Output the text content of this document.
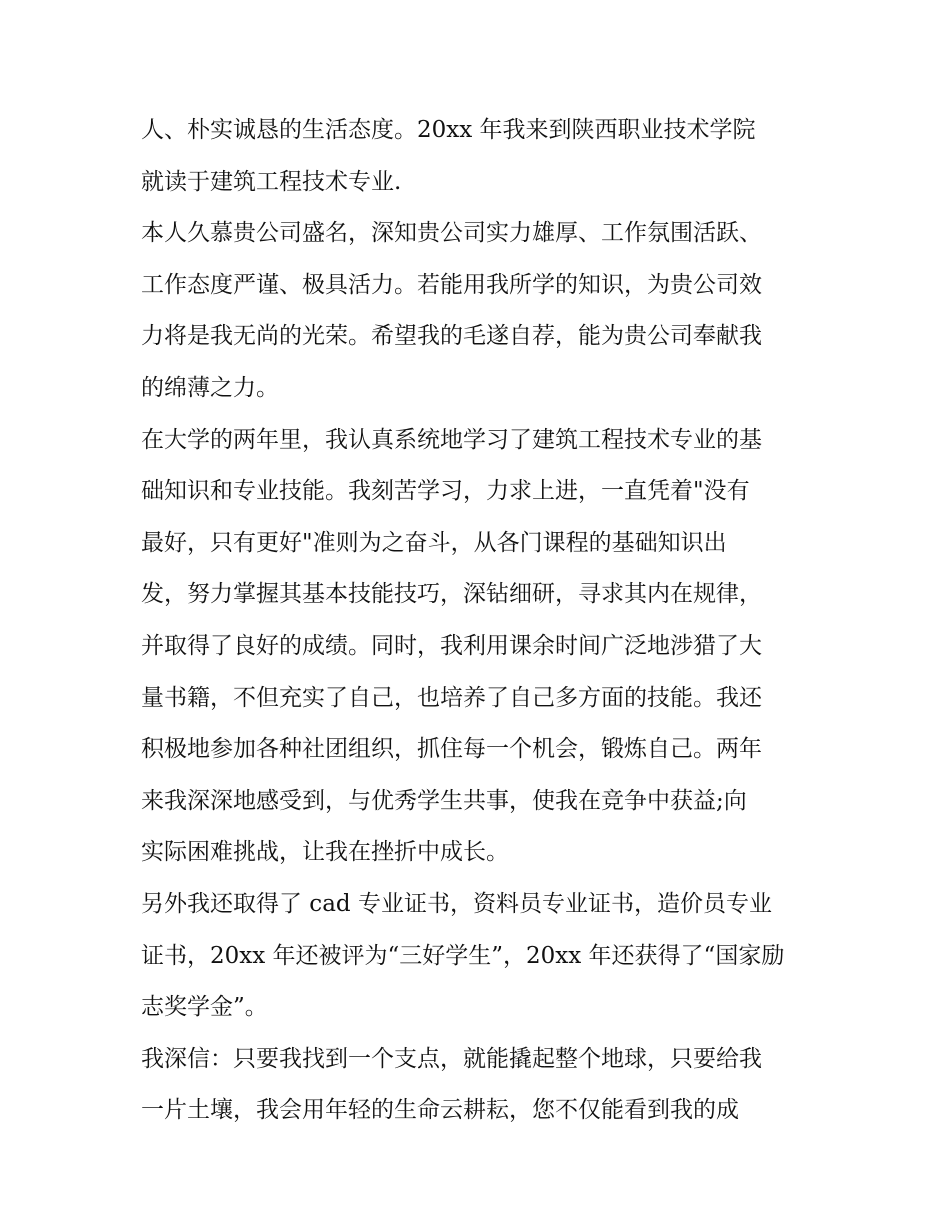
人、朴实诚恳的生活态度。20xx 年我来到陕西职业技术学院
就读于建筑工程技术专业.
本人久慕贵公司盛名，深知贵公司实力雄厚、工作氛围活跃、
工作态度严谨、极具活力。若能用我所学的知识，为贵公司效
力将是我无尚的光荣。希望我的毛遂自荐，能为贵公司奉献我
的绵薄之力。
在大学的两年里，我认真系统地学习了建筑工程技术专业的基
础知识和专业技能。我刻苦学习，力求上进，一直凭着"没有
最好，只有更好"准则为之奋斗，从各门课程的基础知识出
发，努力掌握其基本技能技巧，深钻细研，寻求其内在规律，
并取得了良好的成绩。同时，我利用课余时间广泛地涉猎了大
量书籍，不但充实了自己，也培养了自己多方面的技能。我还
积极地参加各种社团组织，抓住每一个机会，锻炼自己。两年
来我深深地感受到，与优秀学生共事，使我在竞争中获益;向
实际困难挑战，让我在挫折中成长。
另外我还取得了 cad 专业证书，资料员专业证书，造价员专业
证书，20xx 年还被评为“三好学生”，20xx 年还获得了“国家励
志奖学金”。
我深信：只要我找到一个支点，就能撬起整个地球，只要给我
一片土壤，我会用年轻的生命云耕耘，您不仅能看到我的成
